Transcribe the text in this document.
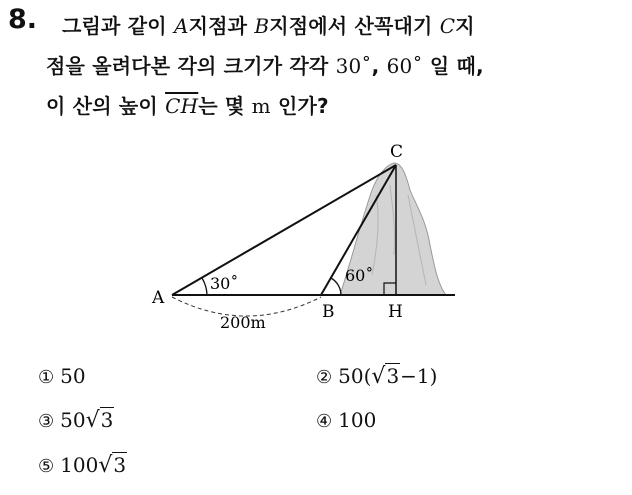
8. 그림과 같이 A지점과 B지점에서 산꼭대기 C지
점을 올려다본 각의 크기가 각각 30˚, 60˚ 일 때,
이 산의 높이 $\overline{CH}$는 몇 m 인가?
A
B
C
H
30˚	60˚
200m
① 50	② 50(√3−1)
③ 50√3	④ 100
⑤ 100√3
